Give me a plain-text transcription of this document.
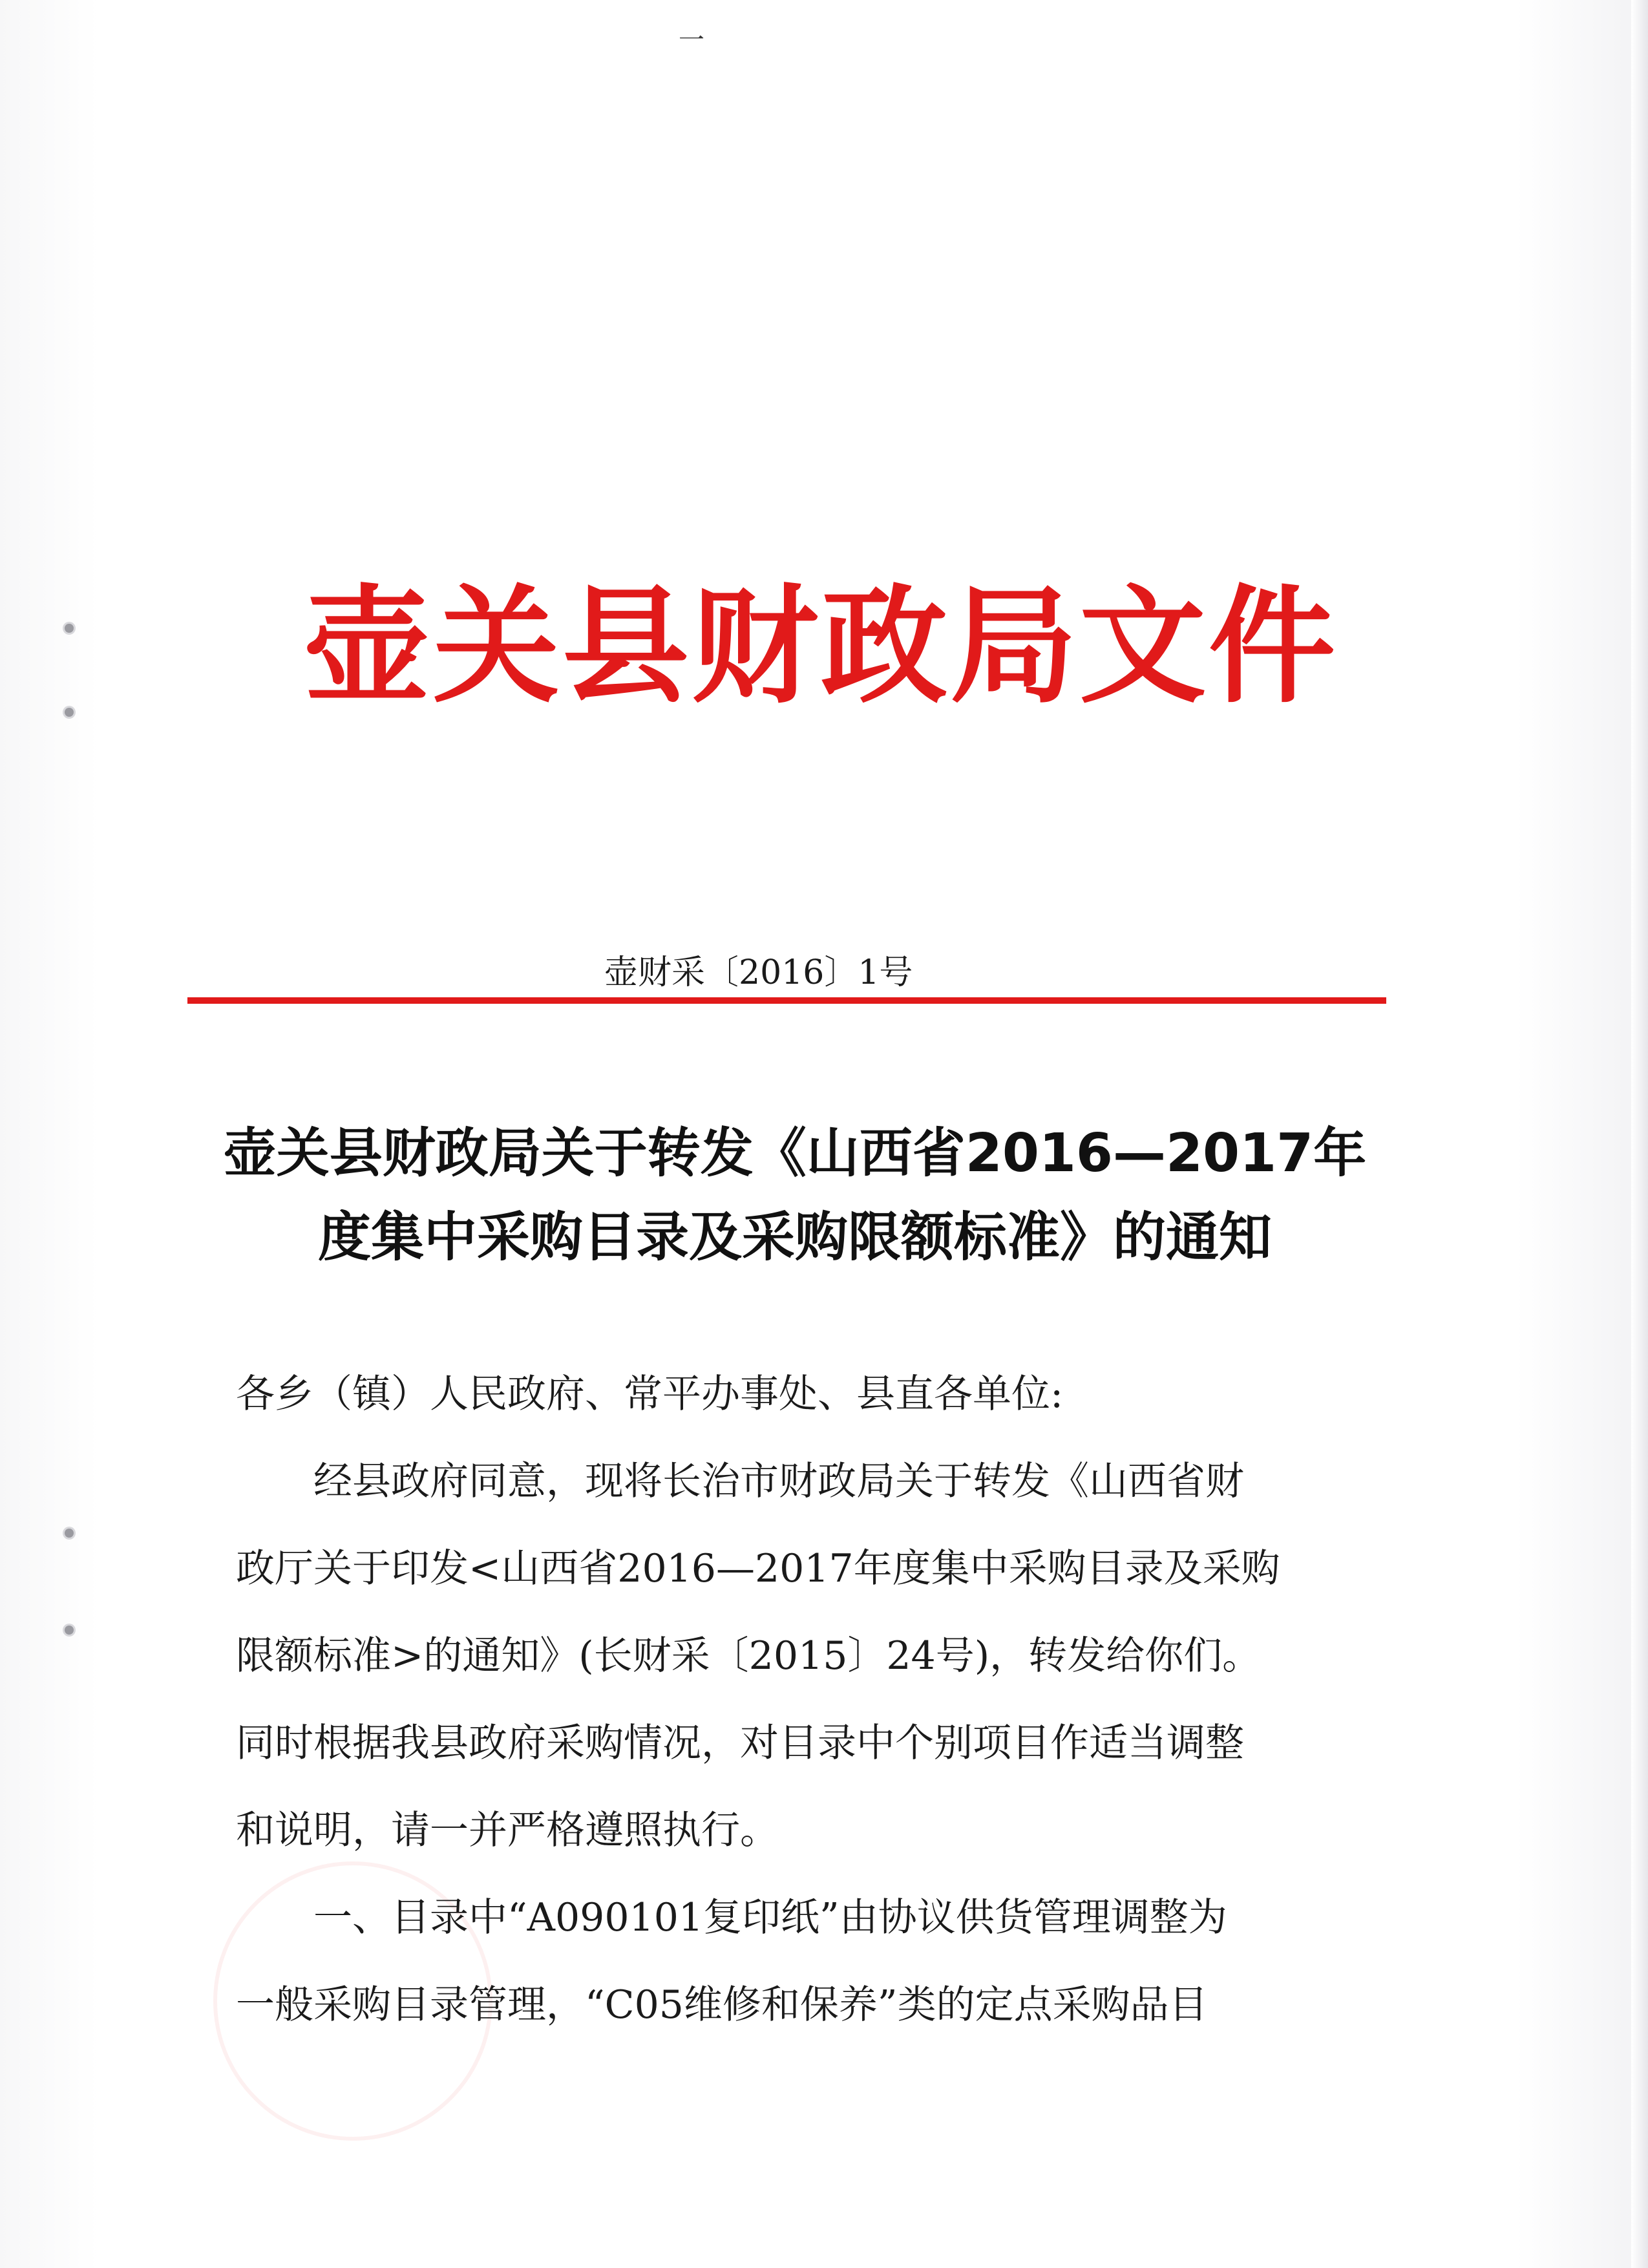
一
壶关县财政局文件
壶财采〔2016〕1号
壶关县财政局关于转发《山西省2016—2017年
度集中采购目录及采购限额标准》的通知

各乡（镇）人民政府、常平办事处、县直各单位:

经县政府同意，现将长治市财政局关于转发《山西省财

政厅关于印发<山西省2016—2017年度集中采购目录及采购

限额标准>的通知》(长财采〔2015〕24号)，转发给你们。

同时根据我县政府采购情况，对目录中个别项目作适当调整

和说明，请一并严格遵照执行。

一、目录中“A090101复印纸”由协议供货管理调整为

一般采购目录管理，“C05维修和保养”类的定点采购品目
